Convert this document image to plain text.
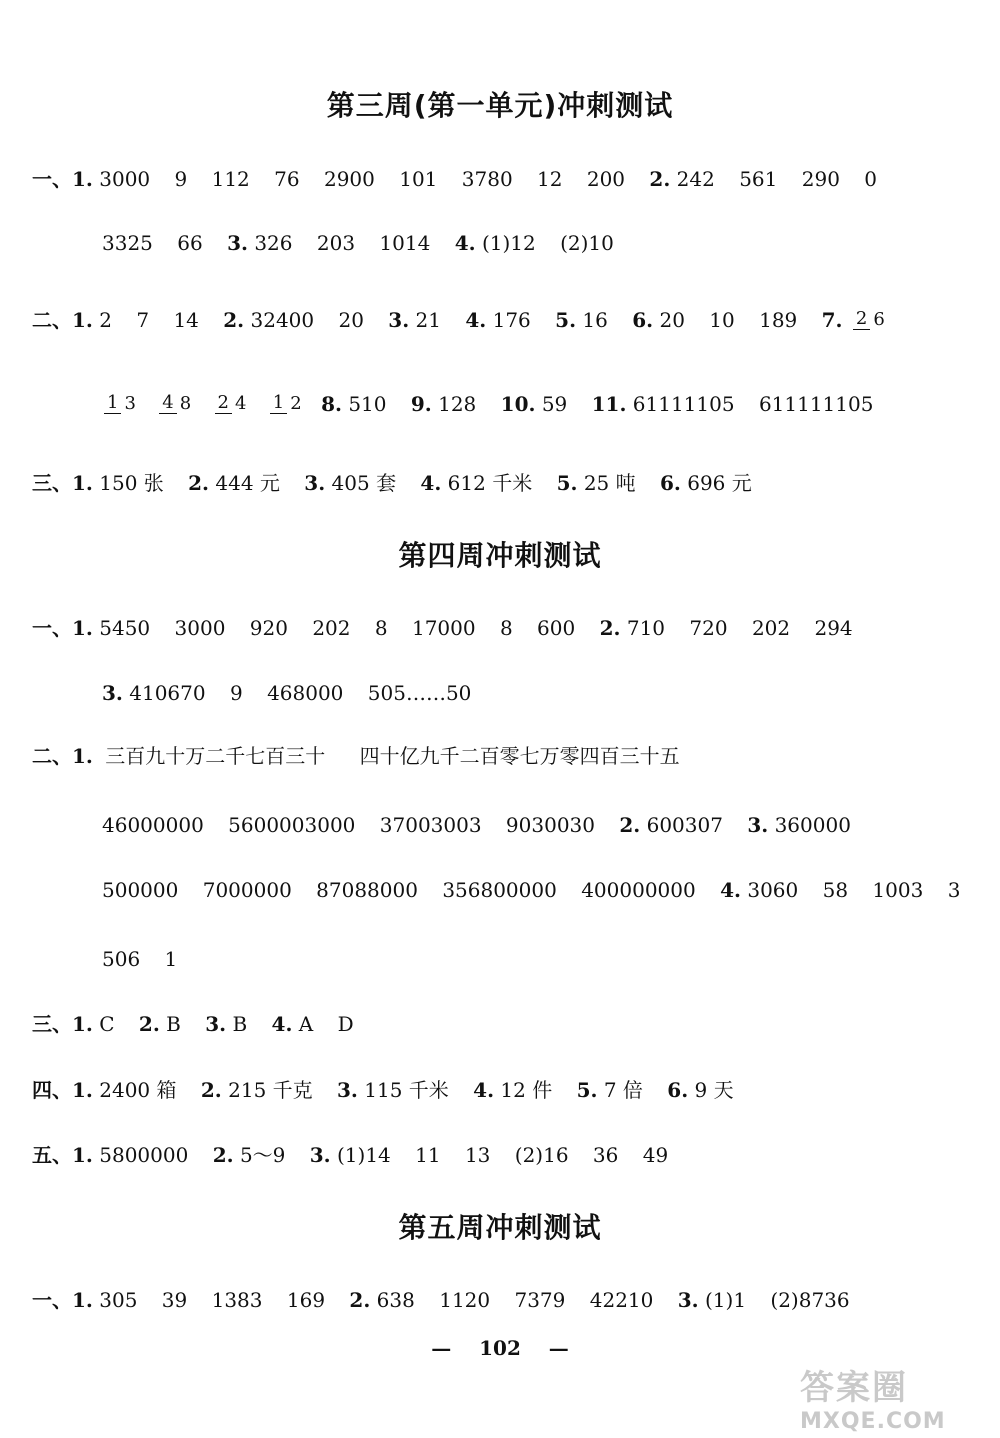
第三周(第一单元)冲刺测试
一、1. 3000 9 112 76 2900 101 3780 12 200 2. 242 561 290 0
3325 66 3. 326 203 1014 4. (1)12 (2)10
二、1. 2 7 14 2. 32400 20 3. 21 4. 176 5. 16 6. 20 10 189 7. 2 6
1 3 4 8 2 4 1 2 8. 510 9. 128 10. 59 11. 61111105 611111105
三、1. 150 张 2. 444 元 3. 405 套 4. 612 千米 5. 25 吨 6. 696 元
第四周冲刺测试
一、1. 5450 3000 920 202 8 17000 8 600 2. 710 720 202 294
3. 410670 9 468000 505……50
二、1. 三百九十万二千七百三十 四十亿九千二百零七万零四百三十五
46000000 5600003000 37003003 9030030 2. 600307 3. 360000
500000 7000000 87088000 356800000 400000000 4. 3060 58 1003 3
506 1
三、1. C 2. B 3. B 4. A D
四、1. 2400 箱 2. 215 千克 3. 115 千米 4. 12 件 5. 7 倍 6. 9 天
五、1. 5800000 2. 5～9 3. (1)14 11 13 (2)16 36 49
第五周冲刺测试
一、1. 305 39 1383 169 2. 638 1120 7379 42210 3. (1)1 (2)8736
— 102 —
答案圈
MXQE.COM
